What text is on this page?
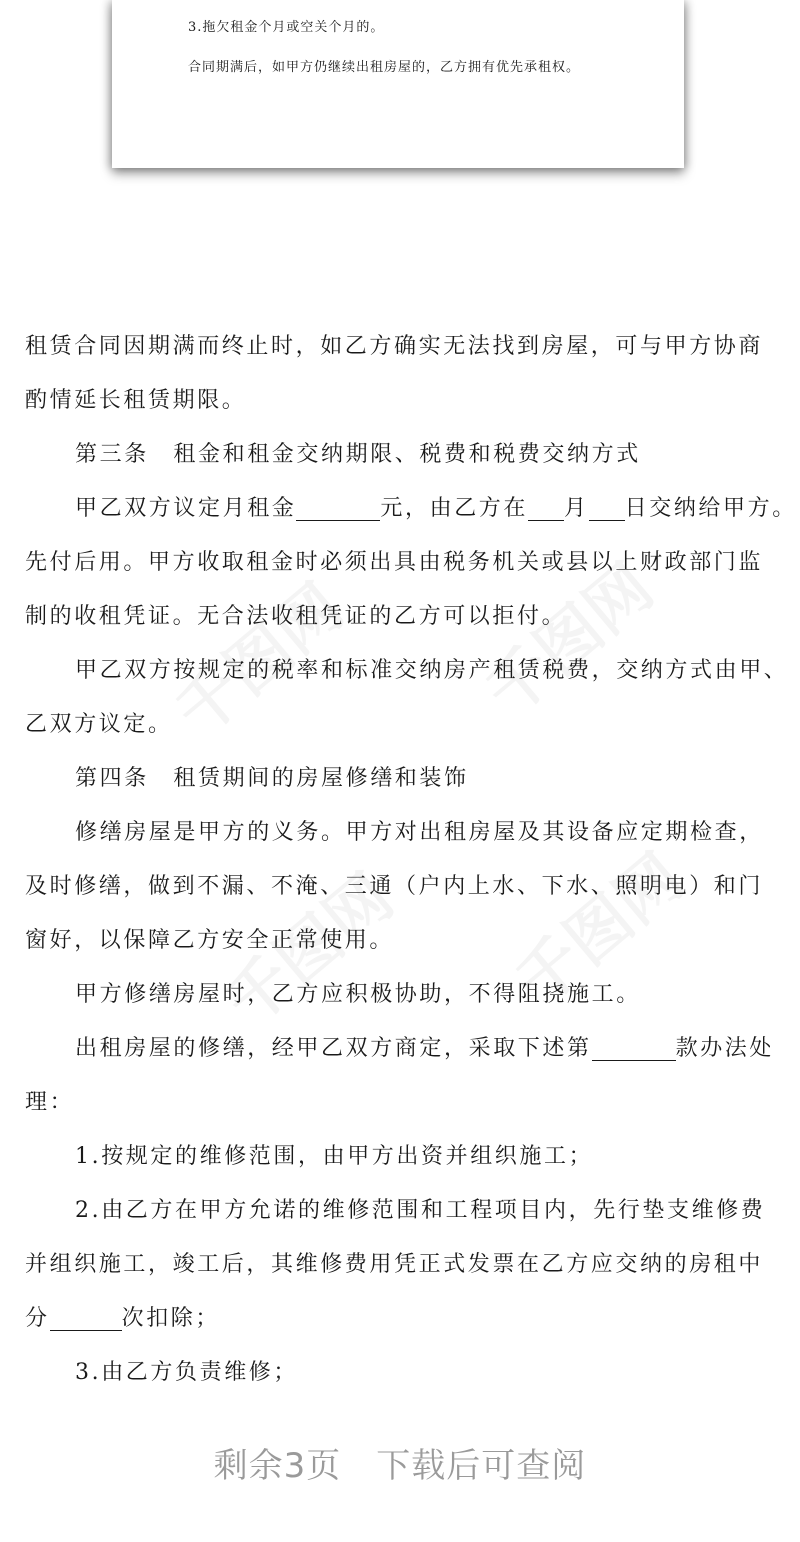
3.拖欠租金个月或空关个月的。
合同期满后，如甲方仍继续出租房屋的，乙方拥有优先承租权。

租赁合同因期满而终止时，如乙方确实无法找到房屋，可与甲方协商

酌情延长租赁期限。

第三条　租金和租金交纳期限、税费和税费交纳方式

甲乙双方议定月租金	元，由乙方在 月 日交纳给甲方。

先付后用。甲方收取租金时必须出具由税务机关或县以上财政部门监

制的收租凭证。无合法收租凭证的乙方可以拒付。

甲乙双方按规定的税率和标准交纳房产租赁税费，交纳方式由甲、

乙双方议定。

第四条　租赁期间的房屋修缮和装饰

修缮房屋是甲方的义务。甲方对出租房屋及其设备应定期检查，

及时修缮，做到不漏、不淹、三通（户内上水、下水、照明电）和门

窗好，以保障乙方安全正常使用。

甲方修缮房屋时，乙方应积极协助，不得阻挠施工。

出租房屋的修缮，经甲乙双方商定，采取下述第	款办法处

理：

1.按规定的维修范围，由甲方出资并组织施工；

2.由乙方在甲方允诺的维修范围和工程项目内，先行垫支维修费

并组织施工，竣工后，其维修费用凭正式发票在乙方应交纳的房租中

分	次扣除；

3.由乙方负责维修；

剩余3页　下载后可查阅
